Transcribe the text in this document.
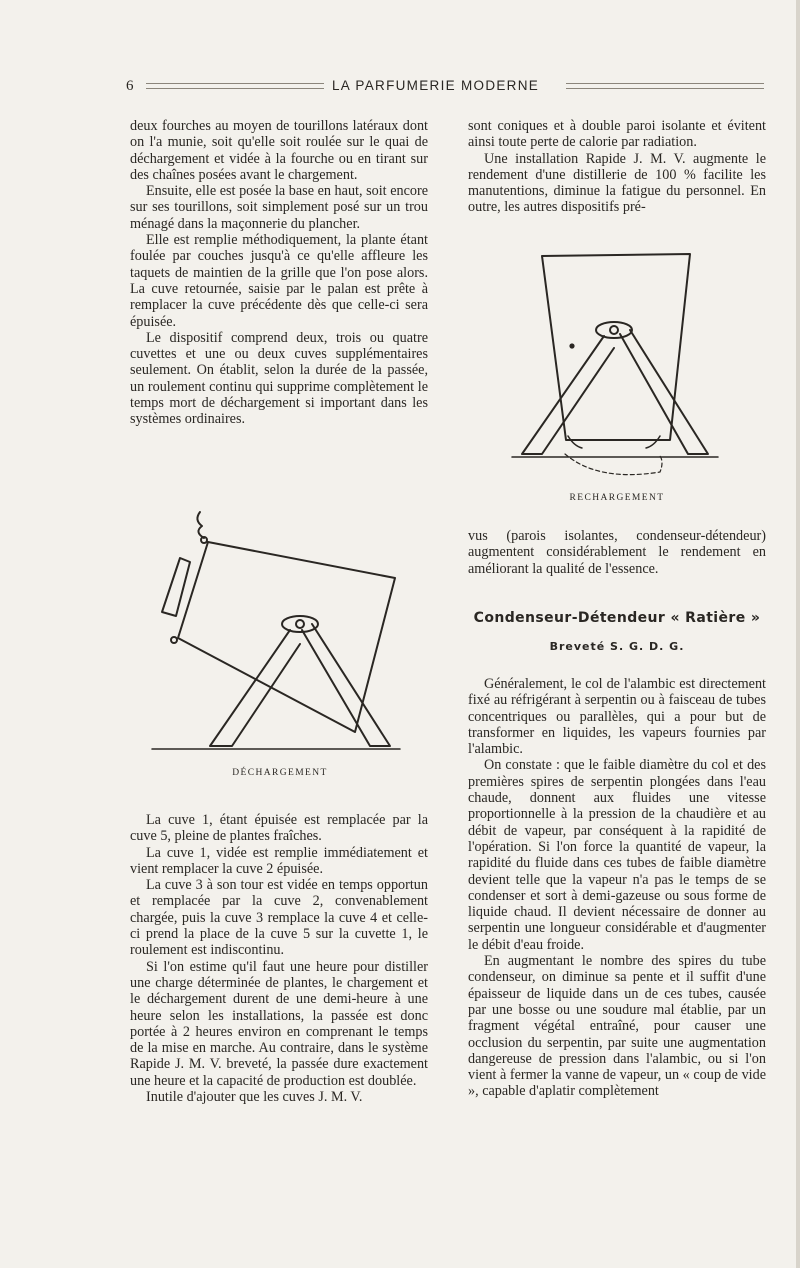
6	LA PARFUMERIE MODERNE

deux fourches au moyen de tourillons latéraux dont on l'a munie, soit qu'elle soit roulée sur le quai de déchargement et vidée à la fourche ou en tirant sur des chaînes posées avant le chargement.

Ensuite, elle est posée la base en haut, soit encore sur ses tourillons, soit simplement posé sur un trou ménagé dans la maçonnerie du plancher.

Elle est remplie méthodiquement, la plante étant foulée par couches jusqu'à ce qu'elle affleure les taquets de maintien de la grille que l'on pose alors. La cuve retournée, saisie par le palan est prête à remplacer la cuve précédente dès que celle-ci sera épuisée.

Le dispositif comprend deux, trois ou quatre cuvettes et une ou deux cuves supplémentaires seulement. On établit, selon la durée de la passée, un roulement continu qui supprime complètement le temps mort de déchargement si important dans les systèmes ordinaires.

DÉCHARGEMENT

La cuve 1, étant épuisée est remplacée par la cuve 5, pleine de plantes fraîches.

La cuve 1, vidée est remplie immédiatement et vient remplacer la cuve 2 épuisée.

La cuve 3 à son tour est vidée en temps opportun et remplacée par la cuve 2, convenablement chargée, puis la cuve 3 remplace la cuve 4 et celle-ci prend la place de la cuve 5 sur la cuvette 1, le roulement est indiscontinu.

Si l'on estime qu'il faut une heure pour distiller une charge déterminée de plantes, le chargement et le déchargement durent de une demi-heure à une heure selon les installations, la passée est donc portée à 2 heures environ en comprenant le temps de la mise en marche. Au contraire, dans le système Rapide J. M. V. breveté, la passée dure exactement une heure et la capacité de production est doublée.

Inutile d'ajouter que les cuves J. M. V.

sont coniques et à double paroi isolante et évitent ainsi toute perte de calorie par radiation.

Une installation Rapide J. M. V. augmente le rendement d'une distillerie de 100 % facilite les manutentions, diminue la fatigue du personnel. En outre, les autres dispositifs pré-

RECHARGEMENT

vus (parois isolantes, condenseur-détendeur) augmentent considérablement le rendement en améliorant la qualité de l'essence.

Condenseur-Détendeur « Ratière »
Breveté S. G. D. G.

Généralement, le col de l'alambic est directement fixé au réfrigérant à serpentin ou à faisceau de tubes concentriques ou parallèles, qui a pour but de transformer en liquides, les vapeurs fournies par l'alambic.

On constate : que le faible diamètre du col et des premières spires de serpentin plongées dans l'eau chaude, donnent aux fluides une vitesse proportionnelle à la pression de la chaudière et au débit de vapeur, par conséquent à la rapidité de l'opération. Si l'on force la quantité de vapeur, la rapidité du fluide dans ces tubes de faible diamètre devient telle que la vapeur n'a pas le temps de se condenser et sort à demi-gazeuse ou sous forme de liquide chaud. Il devient nécessaire de donner au serpentin une longueur considérable et d'augmenter le débit d'eau froide.

En augmentant le nombre des spires du tube condenseur, on diminue sa pente et il suffit d'une épaisseur de liquide dans un de ces tubes, causée par une bosse ou une soudure mal établie, par un fragment végétal entraîné, pour causer une occlusion du serpentin, par suite une augmentation dangereuse de pression dans l'alambic, ou si l'on vient à fermer la vanne de vapeur, un « coup de vide », capable d'aplatir complètement
